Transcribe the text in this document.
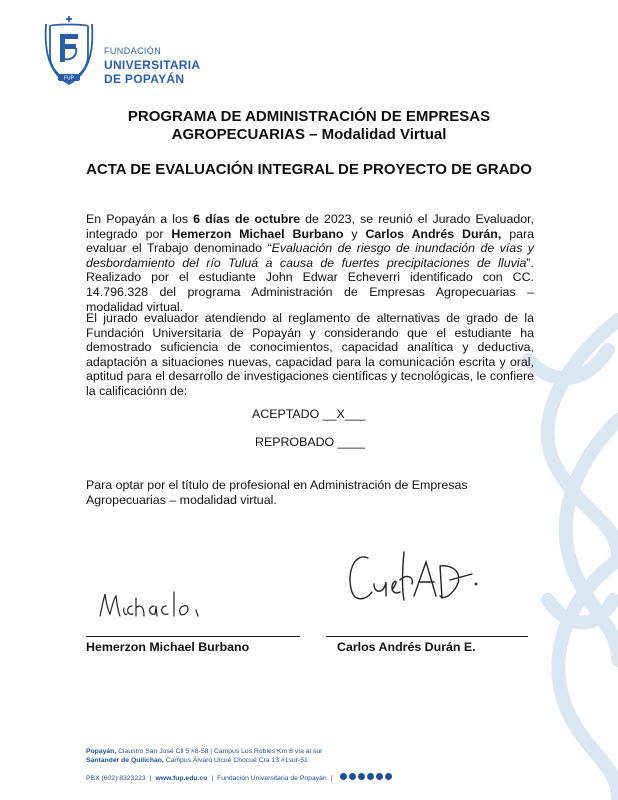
FUP
FUNDACIÓN
UNIVERSITARIA
DE POPAYÁN
PROGRAMA DE ADMINISTRACIÓN DE EMPRESAS AGROPECUARIAS – Modalidad Virtual
ACTA DE EVALUACIÓN INTEGRAL DE PROYECTO DE GRADO
En Popayán a los 6 días de octubre de 2023, se reunió el Jurado Evaluador, integrado por Hemerzon Michael Burbano y Carlos Andrés Durán, para evaluar el Trabajo denominado “Evaluación de riesgo de inundación de vías y desbordamiento del río Tuluá a causa de fuertes precipitaciones de lluvia”. Realizado por el estudiante John Edwar Echeverri identificado con CC. 14.796.328 del programa Administración de Empresas Agropecuarias – modalidad virtual.
El jurado evaluador atendiendo al reglamento de alternativas de grado de la Fundación Universitaria de Popayán y considerando que el estudiante ha demostrado suficiencia de conocimientos, capacidad analítica y deductiva, adaptación a situaciones nuevas, capacidad para la comunicación escrita y oral, aptitud para el desarrollo de investigaciones científicas y tecnológicas, le confiere la calificaciónn de:
ACEPTADO __X___
REPROBADO ____
Para optar por el título de profesional en Administración de Empresas Agropecuarias – modalidad virtual.
Hemerzon Michael Burbano	Carlos Andrés Durán E.
Popayán, Claustro San José Cll 5 #8-58 | Campus Los Robles Km 8 vía al sur
Santander de Quilichao, Campus Álvaro Ulcué Chocué Cra 13 #1sur-51
PBX (602) 8323223 | www.fup.edu.co | Fundación Universitaria de Popayán |
